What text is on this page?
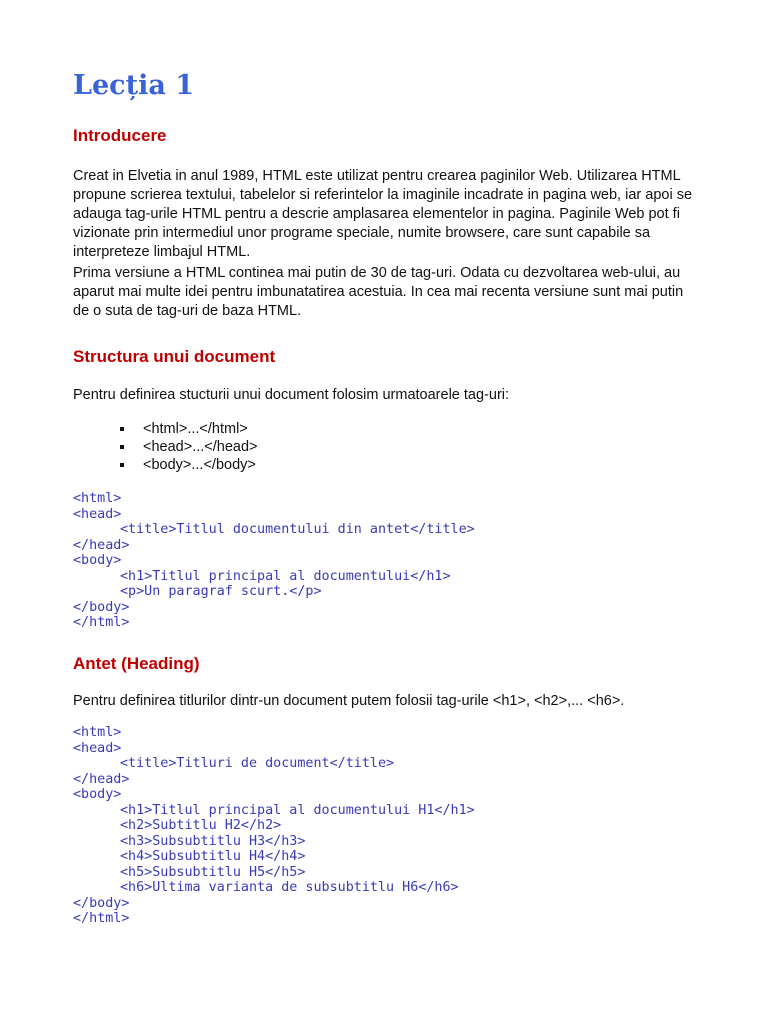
Lecția 1
Introducere

Creat in Elvetia in anul 1989, HTML este utilizat pentru crearea paginilor Web. Utilizarea HTML propune scrierea textului, tabelelor si referintelor la imaginile incadrate in pagina web, iar apoi se adauga tag-urile HTML pentru a descrie amplasarea elementelor in pagina. Paginile Web pot fi vizionate prin intermediul unor programe speciale, numite browsere, care sunt capabile sa interpreteze limbajul HTML.

Prima versiune a HTML continea mai putin de 30 de tag-uri. Odata cu dezvoltarea web-ului, au aparut mai multe idei pentru imbunatatirea acestuia. In cea mai recenta versiune sunt mai putin de o suta de tag-uri de baza HTML.

Structura unui document

Pentru definirea stucturii unui document folosim urmatoarele tag-uri:

<html>...</html>
<head>...</head>
<body>...</body>
<html>
<head>
<title>Titlul documentului din antet</title>
</head>
<body>
<h1>Titlul principal al documentului</h1>
<p>Un paragraf scurt.</p>
</body>
</html>
Antet (Heading)

Pentru definirea titlurilor dintr-un document putem folosii tag-urile <h1>, <h2>,... <h6>.

<html>
<head>
<title>Titluri de document</title>
</head>
<body>
<h1>Titlul principal al documentului H1</h1>
<h2>Subtitlu H2</h2>
<h3>Subsubtitlu H3</h3>
<h4>Subsubtitlu H4</h4>
<h5>Subsubtitlu H5</h5>
<h6>Ultima varianta de subsubtitlu H6</h6>
</body>
</html>
